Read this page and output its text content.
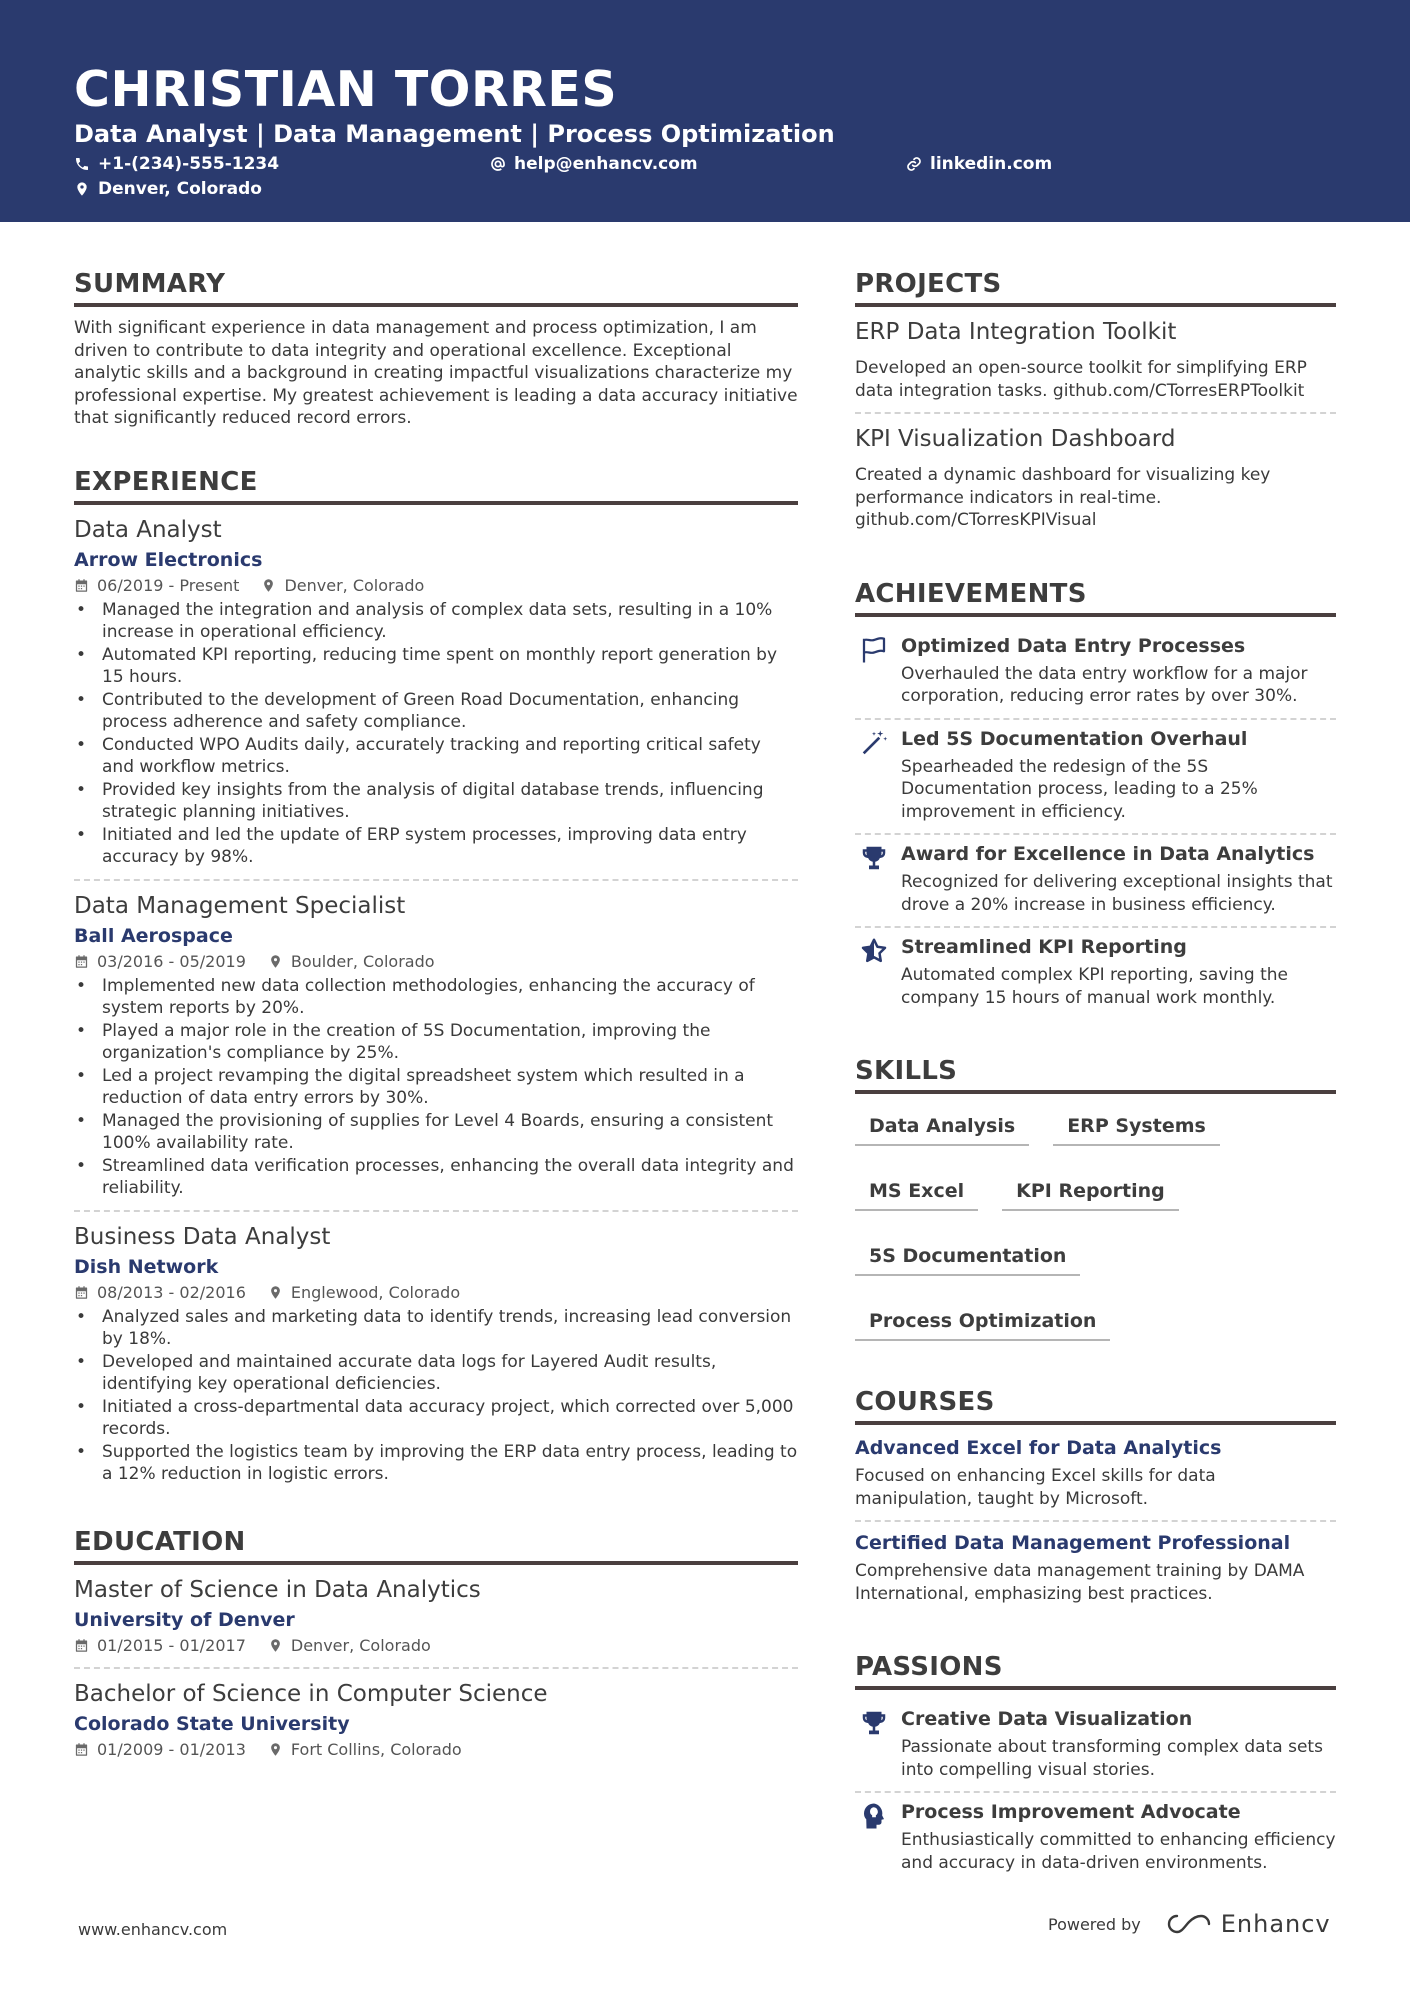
CHRISTIAN TORRES
Data Analyst | Data Management | Process Optimization
+1-(234)-555-1234	help@enhancv.com	linkedin.com
Denver, Colorado
SUMMARY
With significant experience in data management and process optimization, I am driven to contribute to data integrity and operational excellence. Exceptional analytic skills and a background in creating impactful visualizations characterize my professional expertise. My greatest achievement is leading a data accuracy initiative that significantly reduced record errors.
EXPERIENCE
Data Analyst
Arrow Electronics
06/2019 - Present	Denver, Colorado
• Managed the integration and analysis of complex data sets, resulting in a 10% increase in operational efficiency.
• Automated KPI reporting, reducing time spent on monthly report generation by 15 hours.
• Contributed to the development of Green Road Documentation, enhancing process adherence and safety compliance.
• Conducted WPO Audits daily, accurately tracking and reporting critical safety and workflow metrics.
• Provided key insights from the analysis of digital database trends, influencing strategic planning initiatives.
• Initiated and led the update of ERP system processes, improving data entry accuracy by 98%.
Data Management Specialist
Ball Aerospace
03/2016 - 05/2019	Boulder, Colorado
• Implemented new data collection methodologies, enhancing the accuracy of system reports by 20%.
• Played a major role in the creation of 5S Documentation, improving the organization's compliance by 25%.
• Led a project revamping the digital spreadsheet system which resulted in a reduction of data entry errors by 30%.
• Managed the provisioning of supplies for Level 4 Boards, ensuring a consistent 100% availability rate.
• Streamlined data verification processes, enhancing the overall data integrity and reliability.
Business Data Analyst
Dish Network
08/2013 - 02/2016	Englewood, Colorado
• Analyzed sales and marketing data to identify trends, increasing lead conversion by 18%.
• Developed and maintained accurate data logs for Layered Audit results, identifying key operational deficiencies.
• Initiated a cross-departmental data accuracy project, which corrected over 5,000 records.
• Supported the logistics team by improving the ERP data entry process, leading to a 12% reduction in logistic errors.
EDUCATION
Master of Science in Data Analytics
University of Denver
01/2015 - 01/2017	Denver, Colorado
Bachelor of Science in Computer Science
Colorado State University
01/2009 - 01/2013	Fort Collins, Colorado
PROJECTS
ERP Data Integration Toolkit
Developed an open-source toolkit for simplifying ERP data integration tasks. github.com/CTorresERPToolkit
KPI Visualization Dashboard
Created a dynamic dashboard for visualizing key performance indicators in real-time. github.com/CTorresKPIVisual
ACHIEVEMENTS
Optimized Data Entry Processes
Overhauled the data entry workflow for a major corporation, reducing error rates by over 30%.
Led 5S Documentation Overhaul
Spearheaded the redesign of the 5S Documentation process, leading to a 25% improvement in efficiency.
Award for Excellence in Data Analytics
Recognized for delivering exceptional insights that drove a 20% increase in business efficiency.
Streamlined KPI Reporting
Automated complex KPI reporting, saving the company 15 hours of manual work monthly.
SKILLS
Data Analysis	ERP Systems
MS Excel	KPI Reporting
5S Documentation
Process Optimization
COURSES
Advanced Excel for Data Analytics
Focused on enhancing Excel skills for data manipulation, taught by Microsoft.
Certified Data Management Professional
Comprehensive data management training by DAMA International, emphasizing best practices.
PASSIONS
Creative Data Visualization
Passionate about transforming complex data sets into compelling visual stories.
Process Improvement Advocate
Enthusiastically committed to enhancing efficiency and accuracy in data-driven environments.
www.enhancv.com	Powered by	Enhancv
